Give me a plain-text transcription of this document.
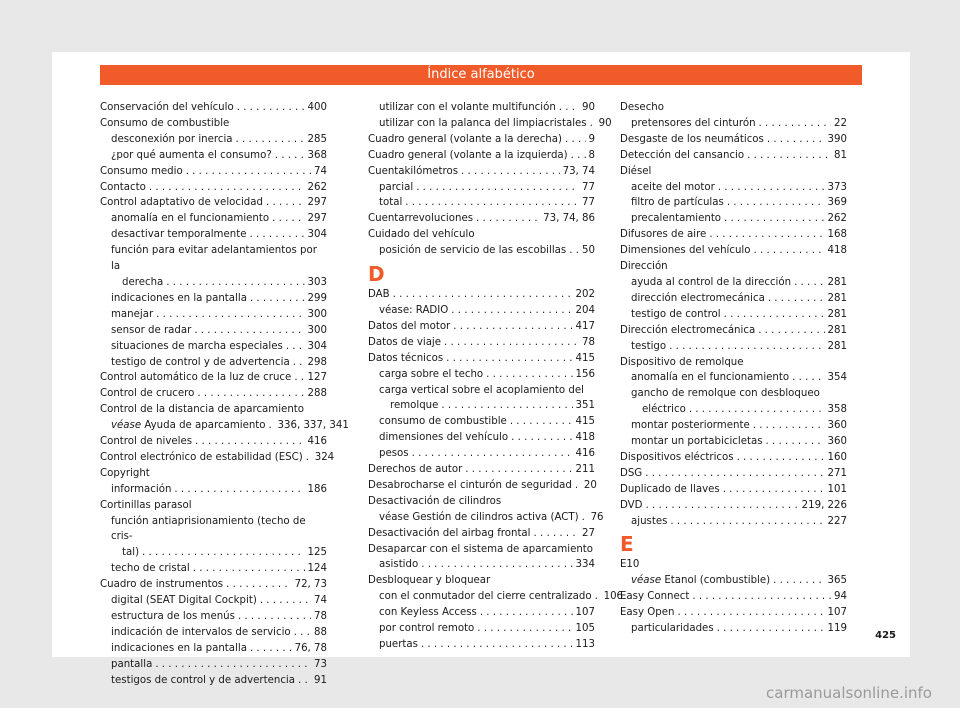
Índice alfabético
Conservación del vehículo . . .	400
Consumo de combustible
desconexión por inercia . . .	285
¿por qué aumenta el consumo? . . .	368
Consumo medio . . .	74
Contacto . . .	262
Control adaptativo de velocidad . . .	297
anomalía en el funcionamiento . . .	297
desactivar temporalmente . . .	304
función para evitar adelantamientos por la
derecha . . .	303
indicaciones en la pantalla . . .	299
manejar . . .	300
sensor de radar . . .	300
situaciones de marcha especiales . . . 304
testigo de control y de advertencia . . . 298
Control automático de la luz de cruce . . . 127
Control de crucero . . .	288
Control de la distancia de aparcamiento
véase Ayuda de aparcamiento . . . 336, 337, 341
Control de niveles . . .	416
Control electrónico de estabilidad (ESC) . . . 324
Copyright
información . . .	186
Cortinillas parasol
función antiaprisionamiento (techo de cris-
tal) . . .	125
techo de cristal . . .	124
Cuadro de instrumentos . . .	72, 73
digital (SEAT Digital Cockpit) . . .	74
estructura de los menús . . .	78
indicación de intervalos de servicio . . . 88
indicaciones en la pantalla . . .	76, 78
pantalla . . .	73
testigos de control y de advertencia . . . 91
utilizar con el volante multifunción . . .	90
utilizar con la palanca del limpiacristales . . . 90
Cuadro general (volante a la derecha) . . .	9
Cuadro general (volante a la izquierda) . . . 8
Cuentakilómetros . . .	73, 74
parcial . . .	77
total . . .	77
Cuentarrevoluciones . . .	73, 74, 86
Cuidado del vehículo
posición de servicio de las escobillas . . . 50
D
DAB . . .	202
véase: RADIO . . .	204
Datos del motor . . .	417
Datos de viaje . . .	78
Datos técnicos . . .	415
carga sobre el techo . . .	156
carga vertical sobre el acoplamiento del
remolque . . .	351
consumo de combustible . . .	415
dimensiones del vehículo . . .	418
pesos . . .	416
Derechos de autor . . .	211
Desabrocharse el cinturón de seguridad . . . 20
Desactivación de cilindros
véase Gestión de cilindros activa (ACT) . . . 76
Desactivación del airbag frontal . . .	27
Desaparcar con el sistema de aparcamiento
asistido . . .	334
Desbloquear y bloquear
con el conmutador del cierre centralizado . . . 106
con Keyless Access . . .	107
por control remoto . . .	105
puertas . . .	113
Desecho
pretensores del cinturón . . .	22
Desgaste de los neumáticos . . .	390
Detección del cansancio . . .	81
Diésel
aceite del motor . . .	373
filtro de partículas . . .	369
precalentamiento . . .	262
Difusores de aire . . .	168
Dimensiones del vehículo . . .	418
Dirección
ayuda al control de la dirección . . .	281
dirección electromecánica . . .	281
testigo de control . . .	281
Dirección electromecánica . . .	281
testigo . . .	281
Dispositivo de remolque
anomalía en el funcionamiento . . .	354
gancho de remolque con desbloqueo
eléctrico . . .	358
montar posteriormente . . .	360
montar un portabicicletas . . .	360
Dispositivos eléctricos . . .	160
DSG . . .	271
Duplicado de llaves . . .	101
DVD . . .	219, 226
ajustes . . .	227
E
E10
véase Etanol (combustible) . . .	365
Easy Connect . . .	94
Easy Open . . .	107
particularidades . . .	119
425
carmanualsonline.info
